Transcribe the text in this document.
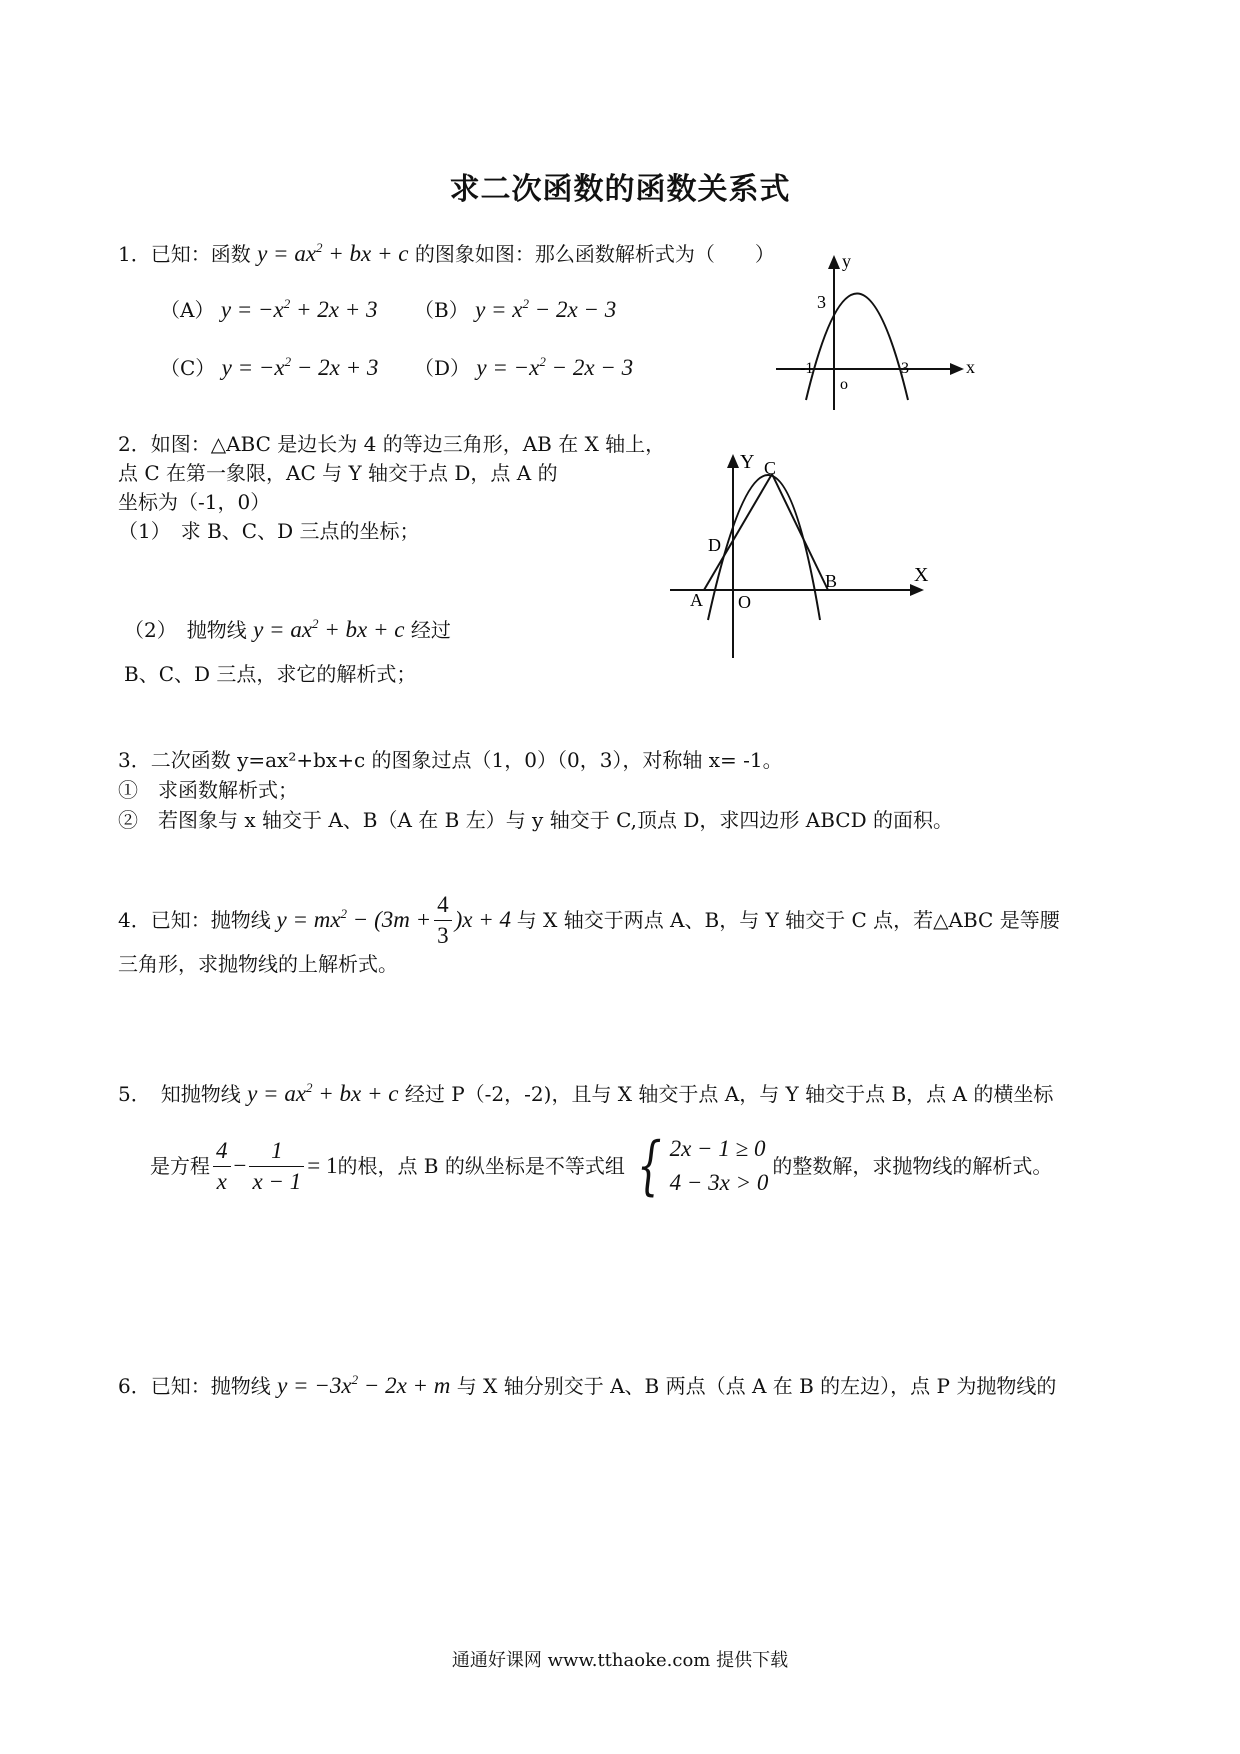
求二次函数的函数关系式
1．已知：函数 $y = ax^2$ + bx + c 的图象如图：那么函数解析式为（　　）
（A） $y = -x^2 + 2x + 3$ （B） $y = x^2 - 2x - 3$
（C） $y = -x^2 - 2x + 3$ （D） $y = -x^2 - 2x - 3$
y
x
3
-1	3
o
2．如图：△ABC 是边长为 4 的等边三角形，AB 在 X 轴上，
点 C 在第一象限，AC 与 Y 轴交于点 D，点 A 的
坐标为（-1，0）
（1）　求 B、C、D 三点的坐标；
（2）　抛物线 $y = ax^2$ + bx + c 经过
B、C、D 三点，求它的解析式；
Y
X
C
D
A O
B
3．二次函数 y=ax²+bx+c 的图象过点（1，0）（0，3），对称轴 x= -1。
①　求函数解析式；
②　若图象与 x 轴交于 A、B（A 在 B 左）与 y 轴交于 C,顶点 D，求四边形 ABCD 的面积。
4．已知：抛物线 $y = mx^2 - (3m + \frac{4}{3} )x + 4$ 与 X 轴交于两点 A、B，与 Y 轴交于 C 点，若△ABC 是等腰
三角形，求抛物线的上解析式。
5．　知抛物线 $y = ax^2$ + bx + c 经过 P（-2，-2)，且与 X 轴交于点 A，与 Y 轴交于点 B，点 A 的横坐标
是方程 $\frac{4}{x} - \frac{1}{x - 1} = 1$ 的根，点 B 的纵坐标是不等式组 { 2x − 1 ≥ 0
4 − 3x > 0
的整数解，求抛物线的解析式。
6．已知：抛物线 $y = -3x^2 - 2x + m$ 与 X 轴分别交于 A、B 两点（点 A 在 B 的左边），点 P 为抛物线的
通通好课网 www.tthaoke.com 提供下载
